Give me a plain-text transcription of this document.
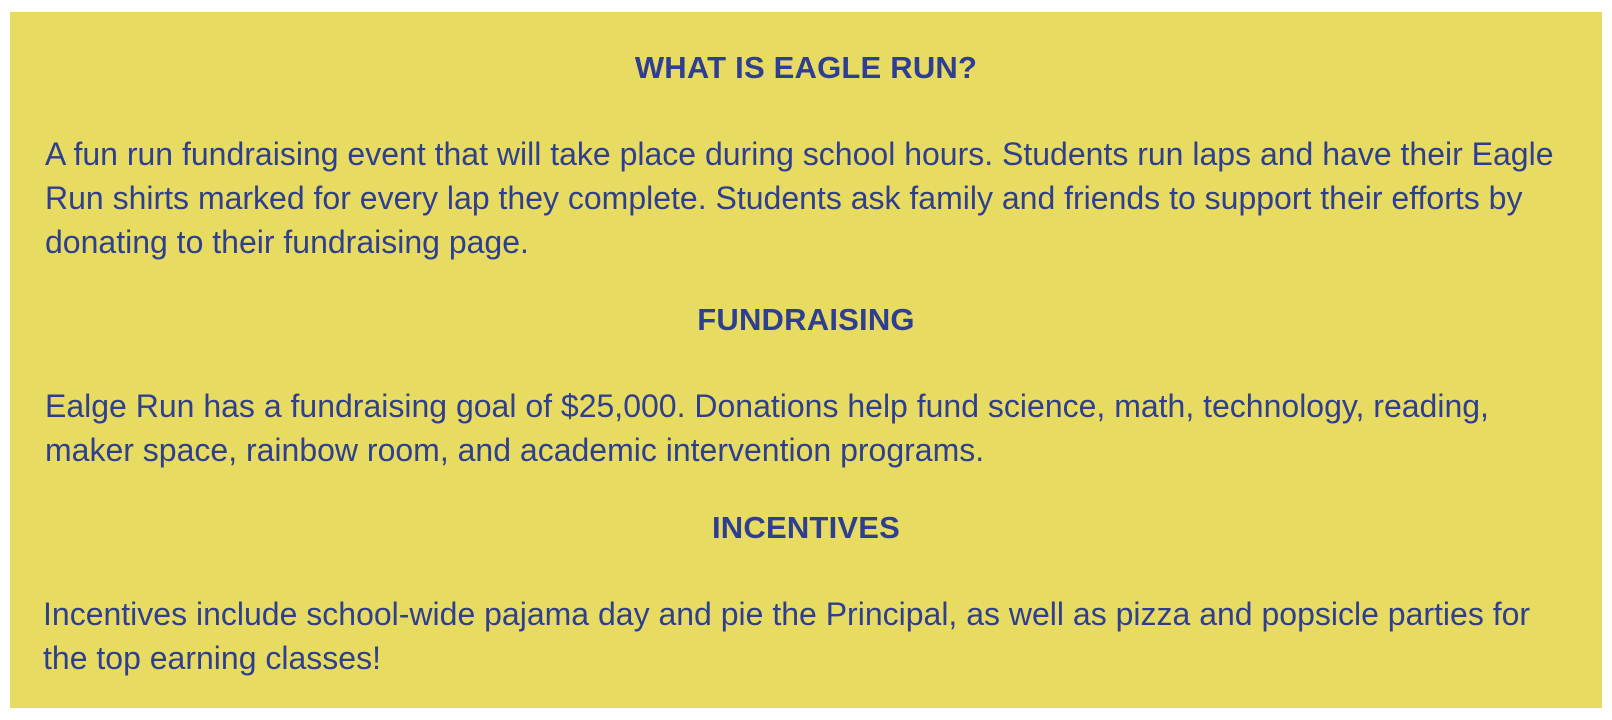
WHAT IS EAGLE RUN?

A fun run fundraising event that will take place during school hours. Students run laps and have their Eagle Run shirts marked for every lap they complete. Students ask family and friends to support their efforts by donating to their fundraising page.

FUNDRAISING

Ealge Run has a fundraising goal of $25,000. Donations help fund science, math, technology, reading, maker space, rainbow room, and academic intervention programs.

INCENTIVES

Incentives include school-wide pajama day and pie the Principal, as well as pizza and popsicle parties for the top earning classes!
